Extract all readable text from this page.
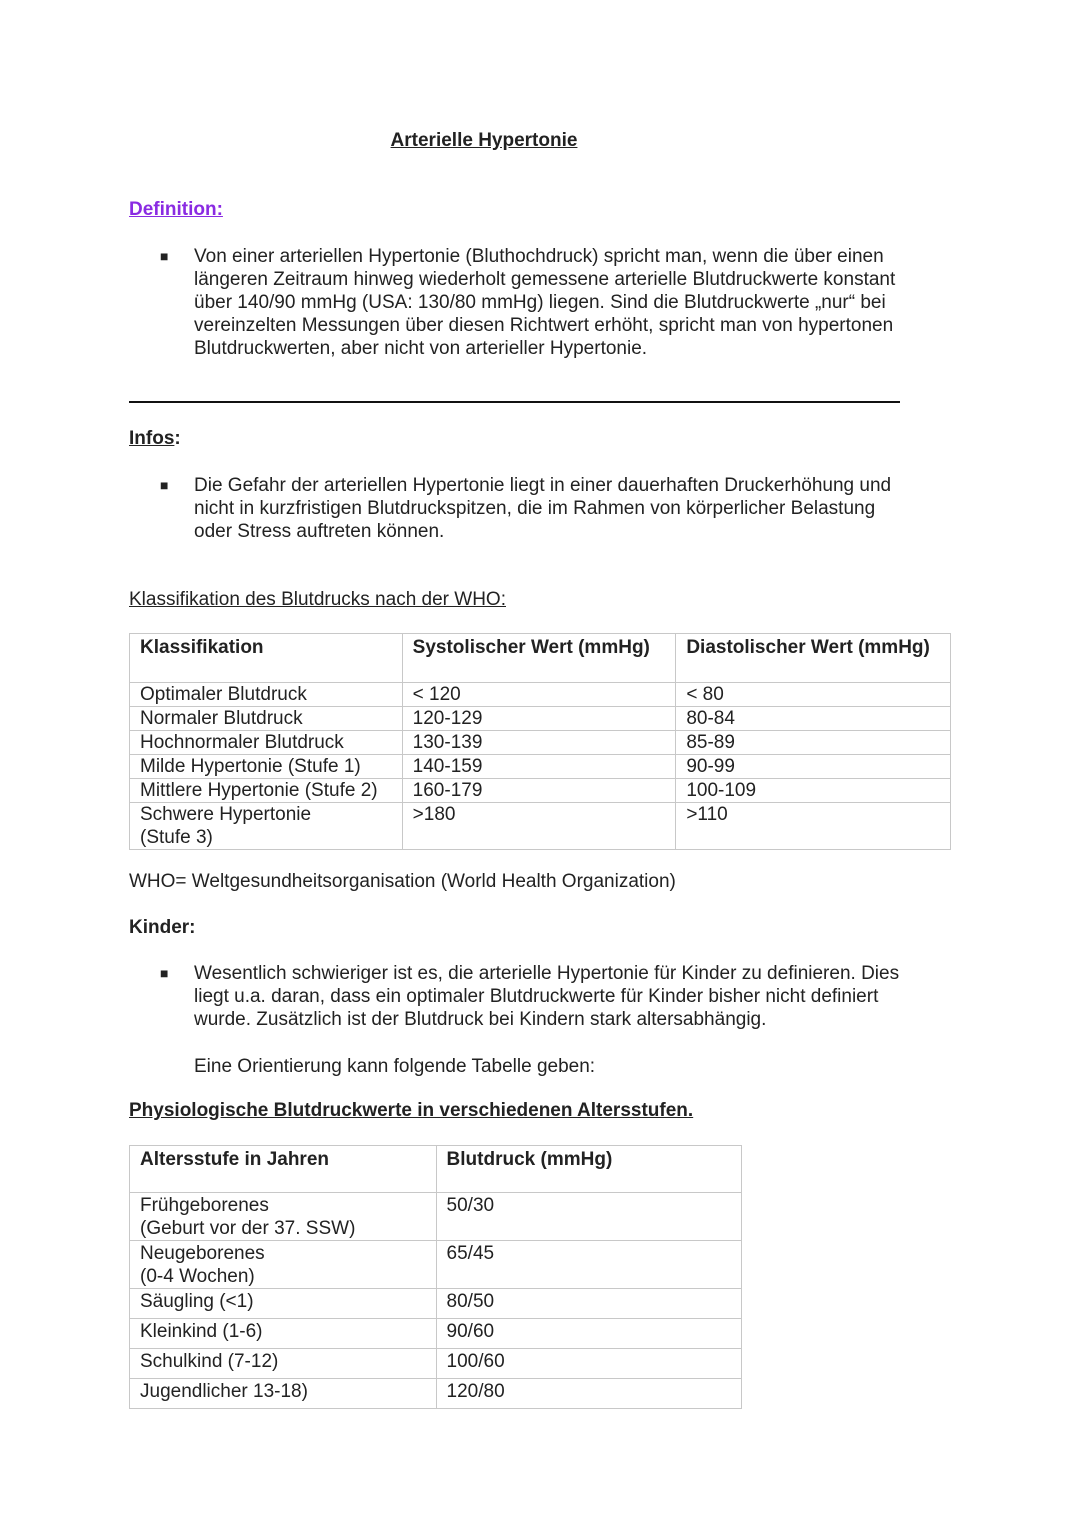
Arterielle Hypertonie
Definition:
■ Von einer arteriellen Hypertonie (Bluthochdruck) spricht man, wenn die über einen
längeren Zeitraum hinweg wiederholt gemessene arterielle Blutdruckwerte konstant
über 140/90 mmHg (USA: 130/80 mmHg) liegen. Sind die Blutdruckwerte „nur“ bei
vereinzelten Messungen über diesen Richtwert erhöht, spricht man von hypertonen
Blutdruckwerten, aber nicht von arterieller Hypertonie.
Infos:
■ Die Gefahr der arteriellen Hypertonie liegt in einer dauerhaften Druckerhöhung und
nicht in kurzfristigen Blutdruckspitzen, die im Rahmen von körperlicher Belastung
oder Stress auftreten können.
Klassifikation des Blutdrucks nach der WHO:
Klassifikation	Systolischer Wert (mmHg)	Diastolischer Wert (mmHg)
Optimaler Blutdruck	< 120	< 80
Normaler Blutdruck	120-129	80-84
Hochnormaler Blutdruck	130-139	85-89
Milde Hypertonie (Stufe 1)	140-159	90-99
Mittlere Hypertonie (Stufe 2)	160-179	100-109
Schwere Hypertonie
(Stufe 3)	>180	>110
WHO= Weltgesundheitsorganisation (World Health Organization)
Kinder:
■ Wesentlich schwieriger ist es, die arterielle Hypertonie für Kinder zu definieren. Dies
liegt u.a. daran, dass ein optimaler Blutdruckwerte für Kinder bisher nicht definiert
wurde. Zusätzlich ist der Blutdruck bei Kindern stark altersabhängig.
Eine Orientierung kann folgende Tabelle geben:
Physiologische Blutdruckwerte in verschiedenen Altersstufen.
Altersstufe in Jahren	Blutdruck (mmHg)
Frühgeborenes
(Geburt vor der 37. SSW)	50/30
Neugeborenes
(0-4 Wochen)	65/45
Säugling (<1)	80/50
Kleinkind (1-6)	90/60
Schulkind (7-12)	100/60
Jugendlicher 13-18)	120/80
